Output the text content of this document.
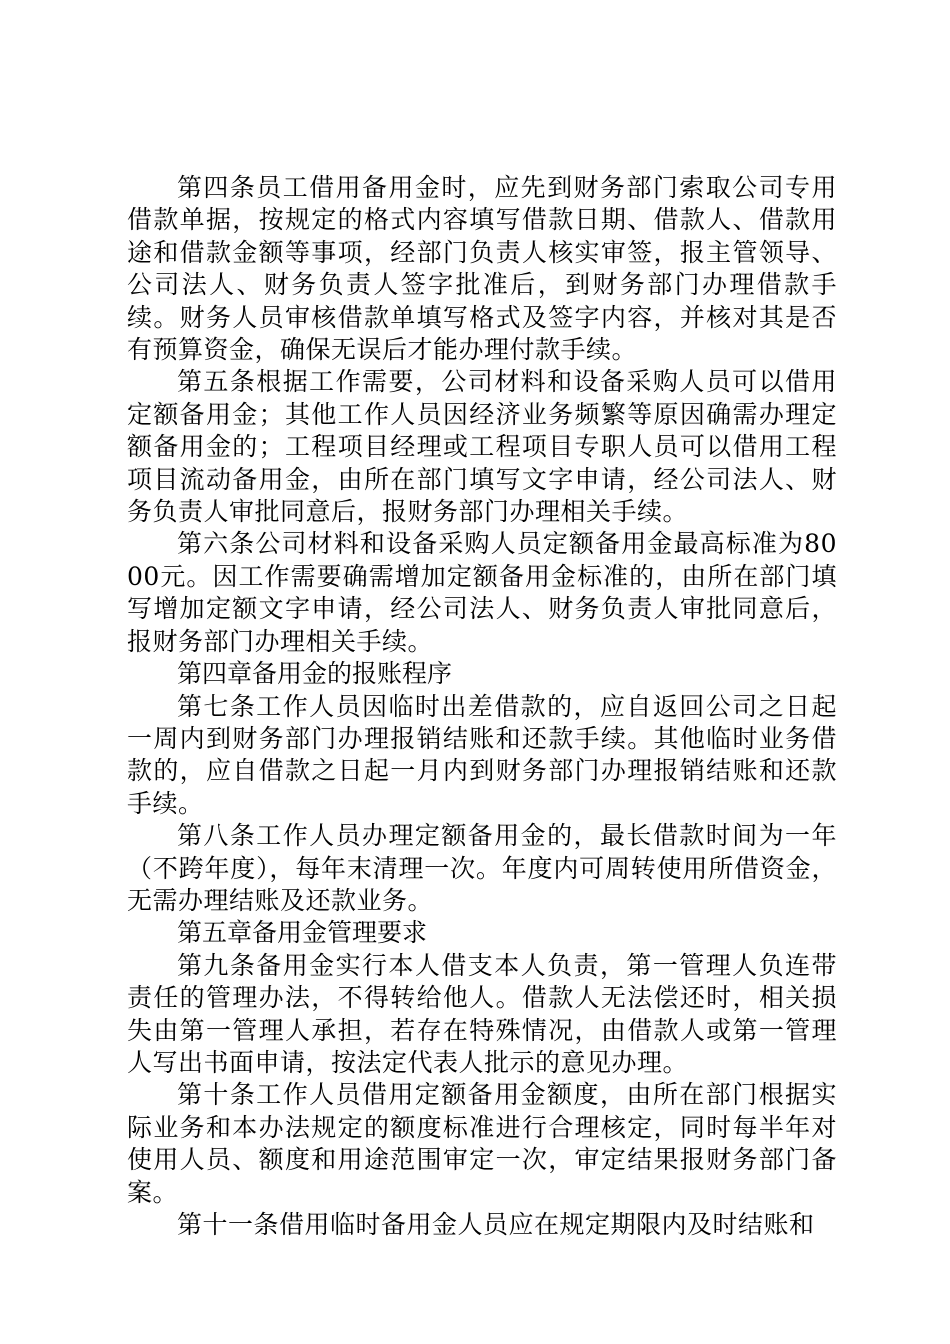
第四条员工借用备用金时，应先到财务部门索取公司专用借款单据，按规定的格式内容填写借款日期、借款人、借款用途和借款金额等事项，经部门负责人核实审签，报主管领导、公司法人、财务负责人签字批准后，到财务部门办理借款手续。财务人员审核借款单填写格式及签字内容，并核对其是否有预算资金，确保无误后才能办理付款手续。

第五条根据工作需要，公司材料和设备采购人员可以借用定额备用金；其他工作人员因经济业务频繁等原因确需办理定额备用金的；工程项目经理或工程项目专职人员可以借用工程项目流动备用金，由所在部门填写文字申请，经公司法人、财务负责人审批同意后，报财务部门办理相关手续。

第六条公司材料和设备采购人员定额备用金最高标准为8000元。因工作需要确需增加定额备用金标准的，由所在部门填写增加定额文字申请，经公司法人、财务负责人审批同意后，报财务部门办理相关手续。

第四章备用金的报账程序

第七条工作人员因临时出差借款的，应自返回公司之日起一周内到财务部门办理报销结账和还款手续。其他临时业务借款的，应自借款之日起一月内到财务部门办理报销结账和还款手续。

第八条工作人员办理定额备用金的，最长借款时间为一年（不跨年度），每年末清理一次。年度内可周转使用所借资金，无需办理结账及还款业务。

第五章备用金管理要求

第九条备用金实行本人借支本人负责，第一管理人负连带责任的管理办法，不得转给他人。借款人无法偿还时，相关损失由第一管理人承担，若存在特殊情况，由借款人或第一管理人写出书面申请，按法定代表人批示的意见办理。

第十条工作人员借用定额备用金额度，由所在部门根据实际业务和本办法规定的额度标准进行合理核定，同时每半年对使用人员、额度和用途范围审定一次，审定结果报财务部门备案。

第十一条借用临时备用金人员应在规定期限内及时结账和
